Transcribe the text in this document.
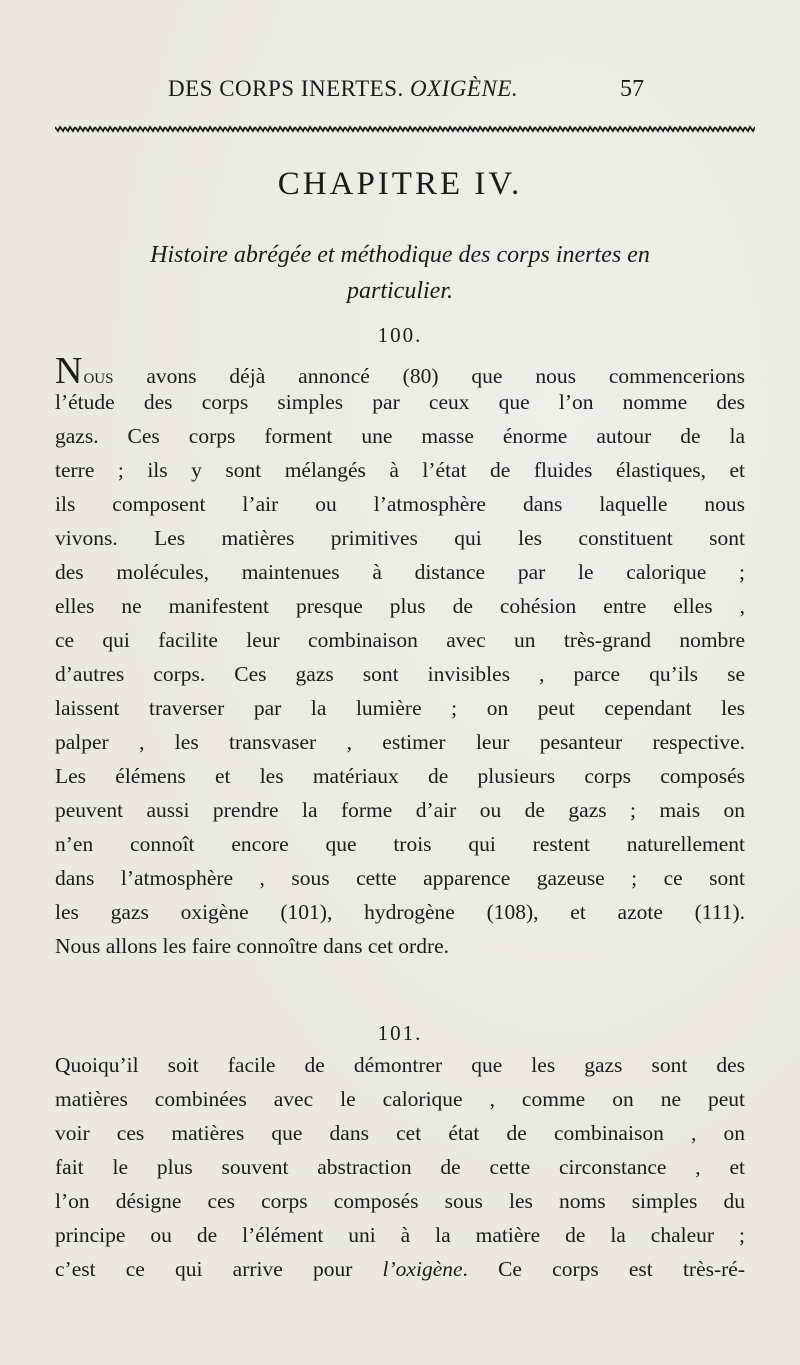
DES CORPS INERTES. OXIGÈNE.	57
CHAPITRE IV.
Histoire abrégée et méthodique des corps inertes en
particulier.
100.
Nous avons déjà annoncé (80) que nous commencerions
l’étude des corps simples par ceux que l’on nomme des
gazs. Ces corps forment une masse énorme autour de la
terre ; ils y sont mélangés à l’état de fluides élastiques, et
ils composent l’air ou l’atmosphère dans laquelle nous
vivons. Les matières primitives qui les constituent sont
des molécules, maintenues à distance par le calorique ;
elles ne manifestent presque plus de cohésion entre elles ,
ce qui facilite leur combinaison avec un très-grand nombre
d’autres corps. Ces gazs sont invisibles , parce qu’ils se
laissent traverser par la lumière ; on peut cependant les
palper , les transvaser , estimer leur pesanteur respective.
Les élémens et les matériaux de plusieurs corps composés
peuvent aussi prendre la forme d’air ou de gazs ; mais on
n’en connoît encore que trois qui restent naturellement
dans l’atmosphère , sous cette apparence gazeuse ; ce sont
les gazs oxigène (101), hydrogène (108), et azote (111).
Nous allons les faire connoître dans cet ordre.
101.
Quoiqu’il soit facile de démontrer que les gazs sont des
matières combinées avec le calorique , comme on ne peut
voir ces matières que dans cet état de combinaison , on
fait le plus souvent abstraction de cette circonstance , et
l’on désigne ces corps composés sous les noms simples du
principe ou de l’élément uni à la matière de la chaleur ;
c’est ce qui arrive pour l’oxigène. Ce corps est très-ré-
